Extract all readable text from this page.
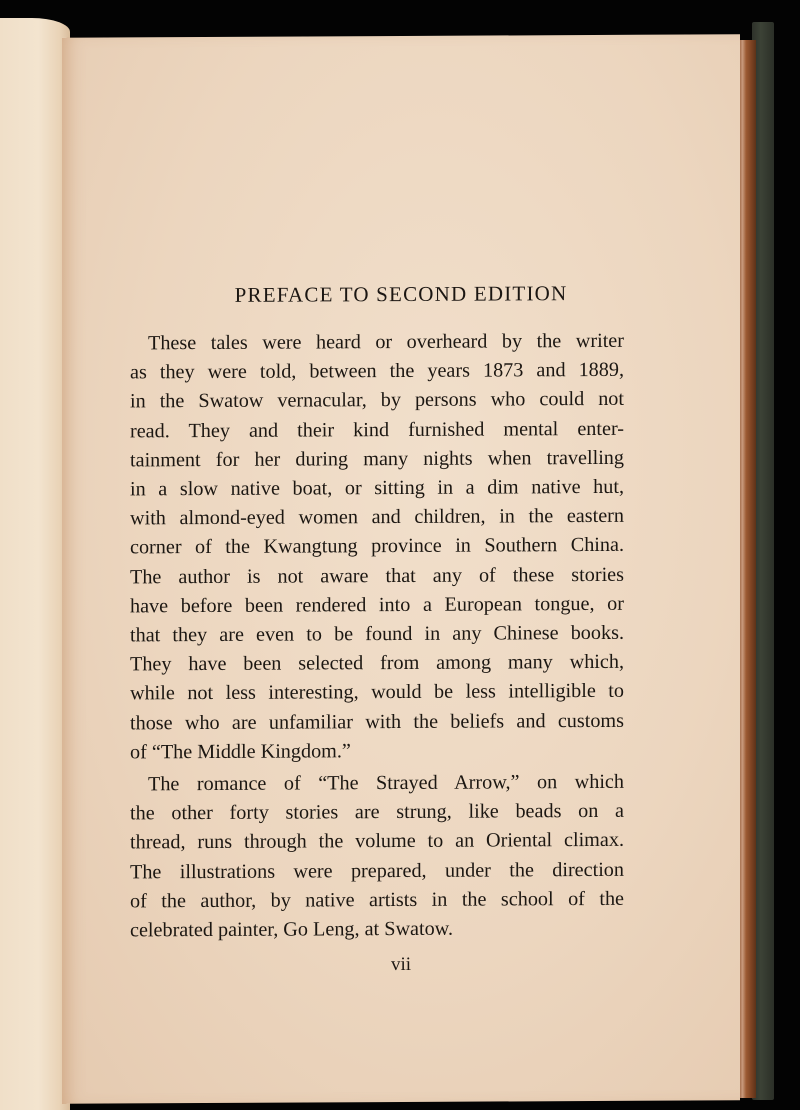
PREFACE TO SECOND EDITION

These tales were heard or overheard by the writer
as they were told, between the years 1873 and 1889,
in the Swatow vernacular, by persons who could not
read. They and their kind furnished mental enter-
tainment for her during many nights when travelling
in a slow native boat, or sitting in a dim native hut,
with almond-eyed women and children, in the eastern
corner of the Kwangtung province in Southern China.
The author is not aware that any of these stories
have before been rendered into a European tongue, or
that they are even to be found in any Chinese books.
They have been selected from among many which,
while not less interesting, would be less intelligible to
those who are unfamiliar with the beliefs and customs
of “The Middle Kingdom.”

The romance of “The Strayed Arrow,” on which
the other forty stories are strung, like beads on a
thread, runs through the volume to an Oriental climax.
The illustrations were prepared, under the direction
of the author, by native artists in the school of the
celebrated painter, Go Leng, at Swatow.

vii
